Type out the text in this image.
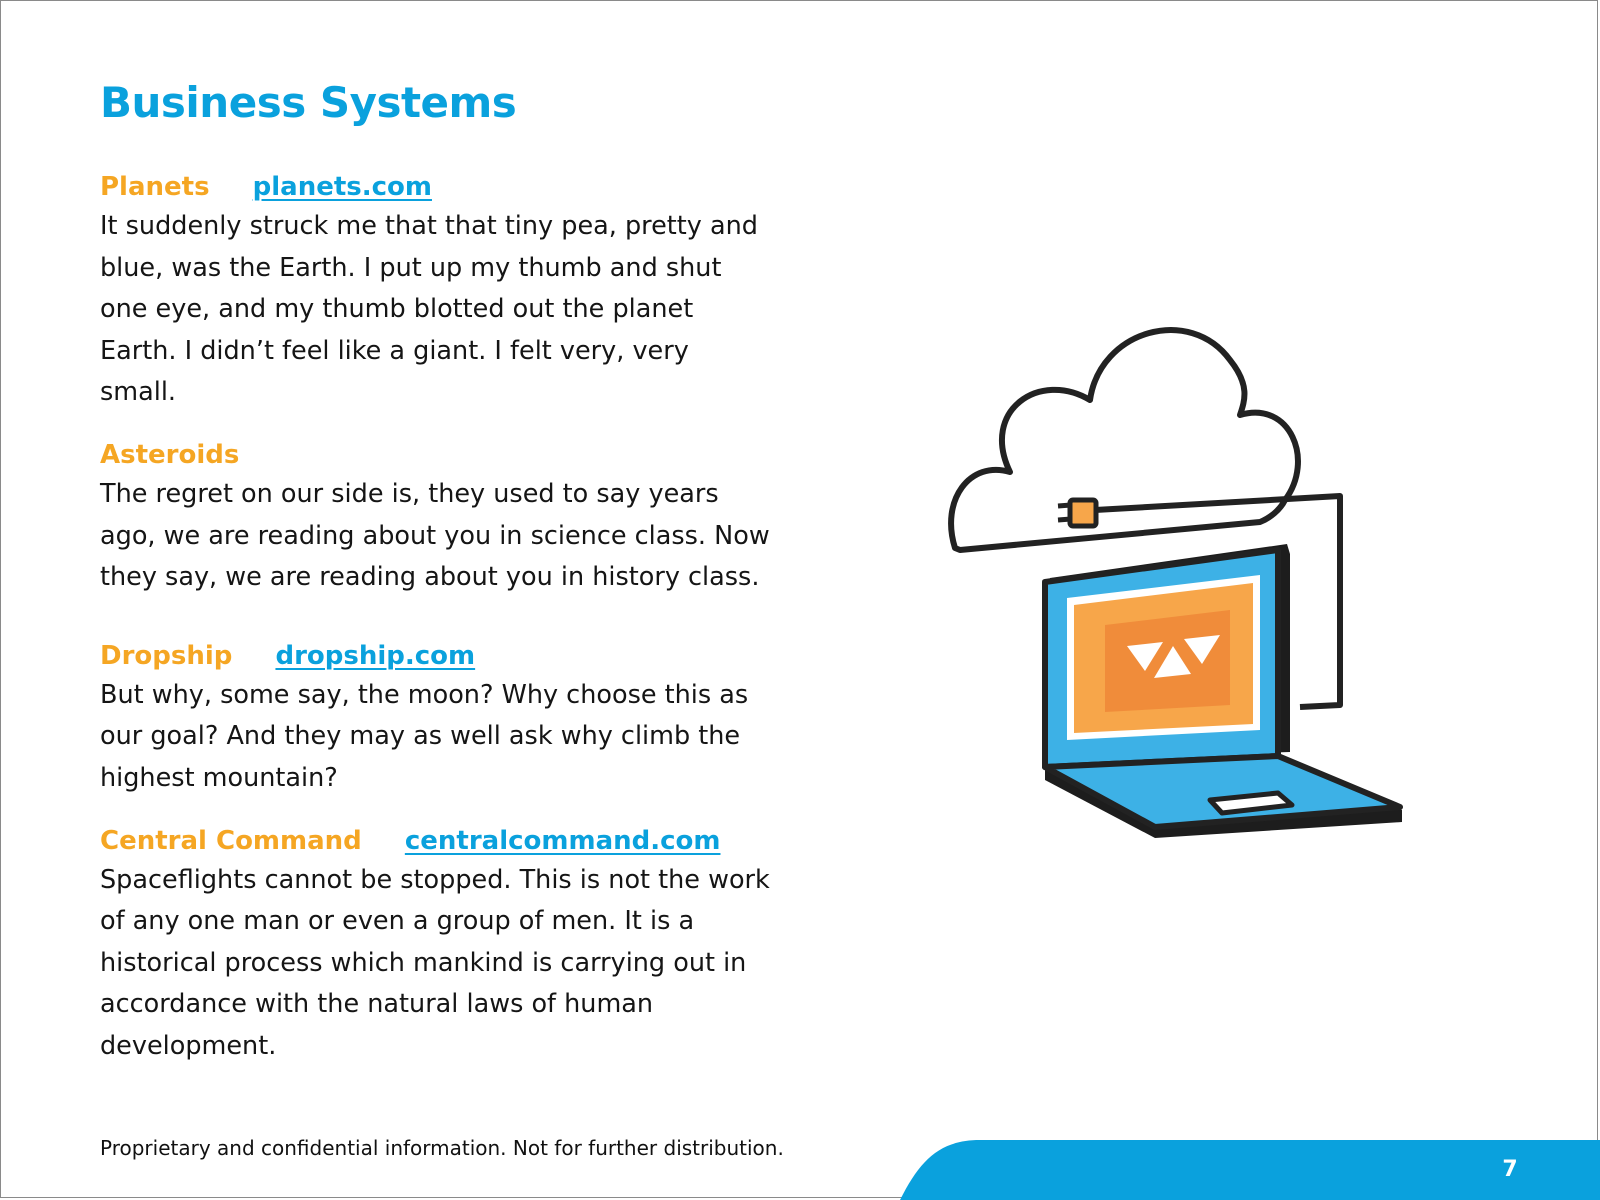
Business Systems
Planets planets.com

It suddenly struck me that that tiny pea, pretty and blue, was the Earth. I put up my thumb and shut one eye, and my thumb blotted out the planet Earth. I didn’t feel like a giant. I felt very, very small.

Asteroids

The regret on our side is, they used to say years ago, we are reading about you in science class. Now they say, we are reading about you in history class.

Dropship dropship.com

But why, some say, the moon? Why choose this as our goal? And they may as well ask why climb the highest mountain?

Central Command centralcommand.com

Spaceflights cannot be stopped. This is not the work of any one man or even a group of men. It is a historical process which mankind is carrying out in accordance with the natural laws of human development.

Proprietary and confidential information. Not for further distribution.
7
